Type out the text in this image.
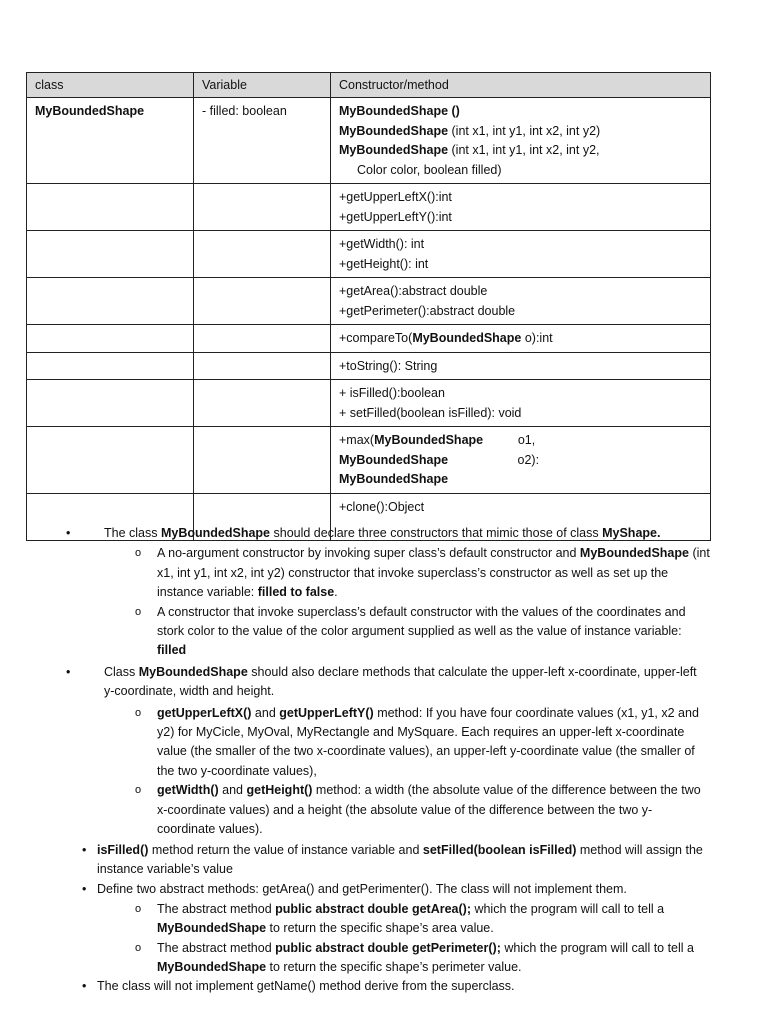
class	Variable	Constructor/method
MyBoundedShape	- filled: boolean	MyBoundedShape ()
MyBoundedShape (int x1, int y1, int x2, int y2)
MyBoundedShape (int x1, int y1, int x2, int y2,
Color color, boolean filled)

		+getUpperLeftX():int
+getUpperLeftY():int

		+getWidth(): int
+getHeight(): int

		+getArea():abstract double
+getPerimeter():abstract double

		+compareTo(MyBoundedShape o):int

		+toString(): String

		+ isFilled():boolean
+ setFilled(boolean isFilled): void

		+max(MyBoundedShape          o1,
MyBoundedShape                    o2):
MyBoundedShape

		+clone():Object

•	The class MyBoundedShape should declare three constructors that mimic those of class MyShape.
o A no-argument constructor by invoking super class’s default constructor and MyBoundedShape (int x1, int y1, int x2, int y2) constructor that invoke superclass’s constructor as well as set up the instance variable: filled to false.
o A constructor that invoke superclass’s default constructor with the values of the coordinates and stork color to the value of the color argument supplied as well as the value of instance variable: filled
•	Class MyBoundedShape should also declare methods that calculate the upper-left x-coordinate, upper-left y-coordinate, width and height.
o getUpperLeftX() and getUpperLeftY() method: If you have four coordinate values (x1, y1, x2 and y2) for MyCicle, MyOval, MyRectangle and MySquare. Each requires an upper-left x-coordinate value (the smaller of the two x-coordinate values), an upper-left y-coordinate value (the smaller of the two y-coordinate values),
o getWidth() and getHeight() method: a width (the absolute value of the difference between the two x-coordinate values) and a height (the absolute value of the difference between the two y-coordinate values).
• isFilled() method return the value of instance variable and setFilled(boolean isFilled) method will assign the instance variable’s value
• Define two abstract methods: getArea() and getPerimenter(). The class will not implement them.
o The abstract method public abstract double getArea(); which the program will call to tell a MyBoundedShape to return the specific shape’s area value.
o The abstract method public abstract double getPerimeter(); which the program will call to tell a MyBoundedShape to return the specific shape’s perimeter value.
• The class will not implement getName() method derive from the superclass.
